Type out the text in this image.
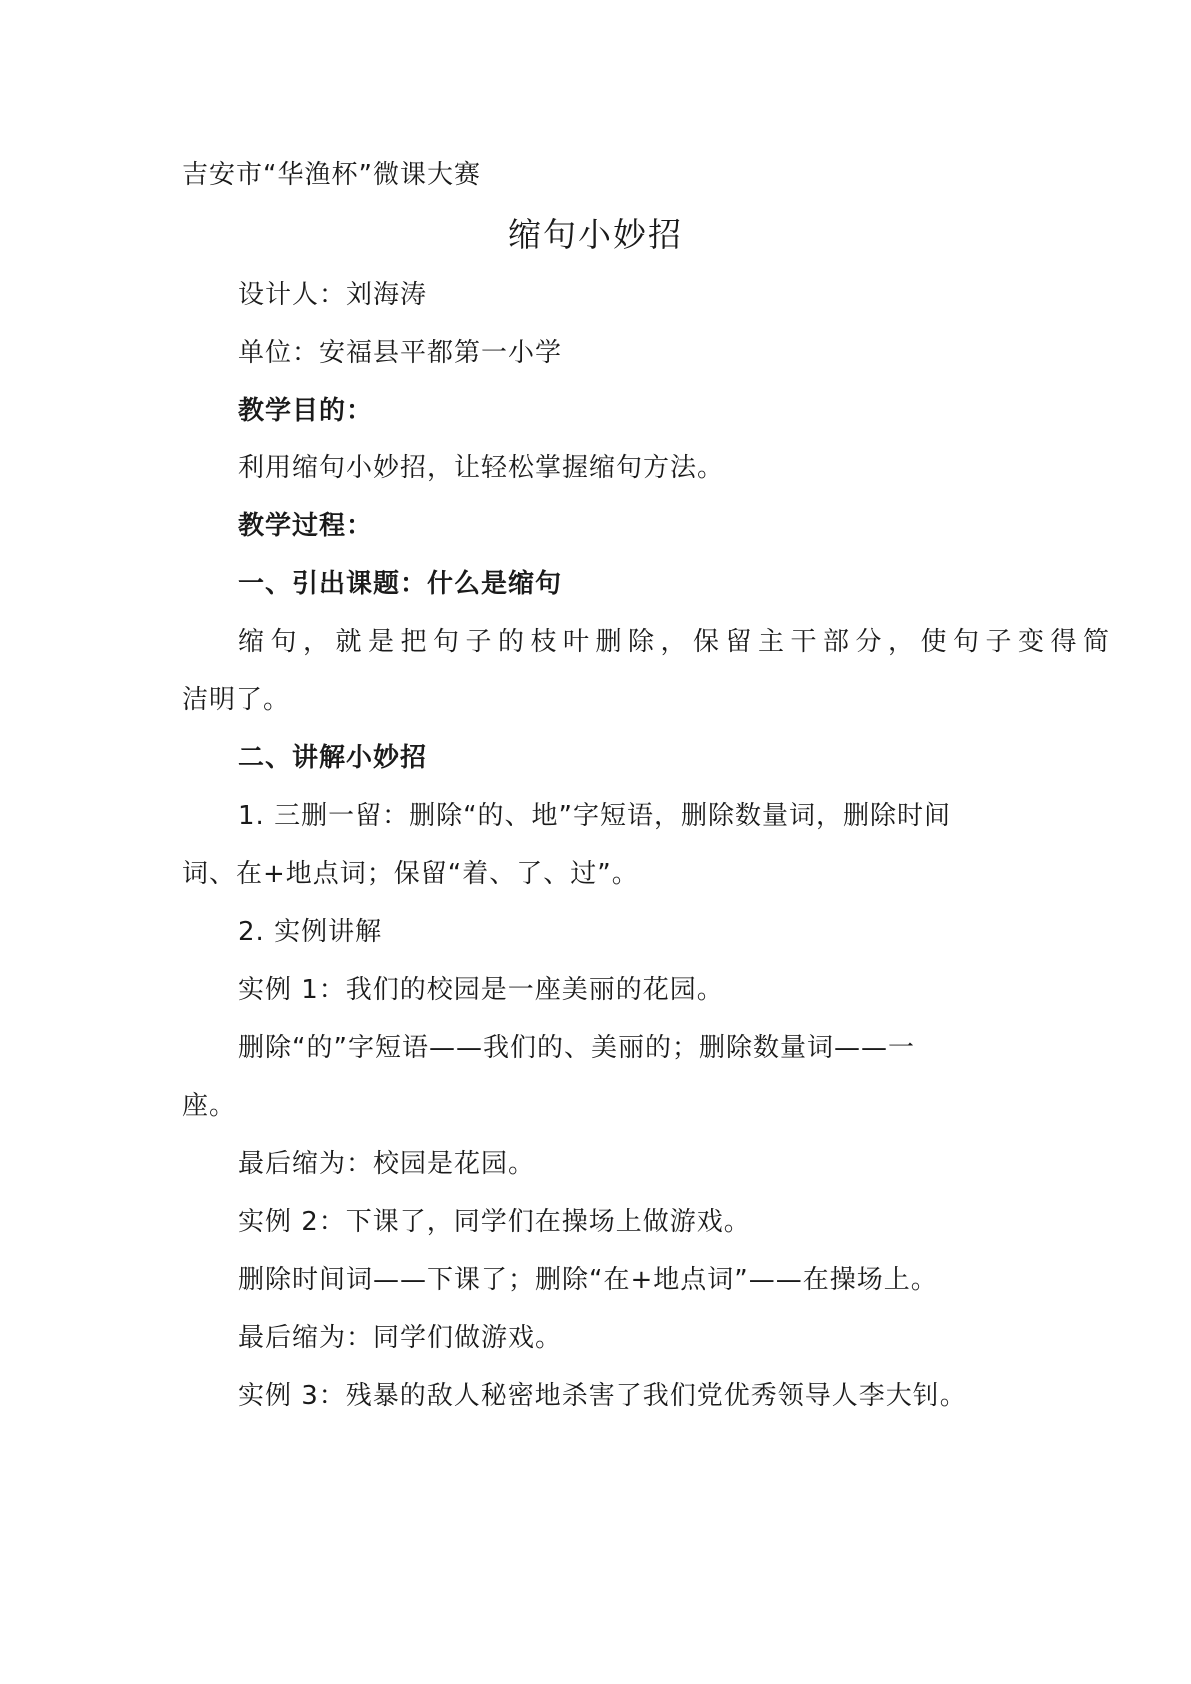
吉安市“华渔杯”微课大赛
缩句小妙招
设计人：刘海涛
单位：安福县平都第一小学
教学目的：
利用缩句小妙招，让轻松掌握缩句方法。
教学过程：
一、引出课题：什么是缩句
缩句，就是把句子的枝叶删除，保留主干部分，使句子变得简
洁明了。
二、讲解小妙招
1. 三删一留：删除“的、地”字短语，删除数量词，删除时间
词、在+地点词；保留“着、了、过”。
2. 实例讲解
实例 1：我们的校园是一座美丽的花园。
删除“的”字短语——我们的、美丽的；删除数量词——一
座。
最后缩为：校园是花园。
实例 2：下课了，同学们在操场上做游戏。
删除时间词——下课了；删除“在+地点词”——在操场上。
最后缩为：同学们做游戏。
实例 3：残暴的敌人秘密地杀害了我们党优秀领导人李大钊。
